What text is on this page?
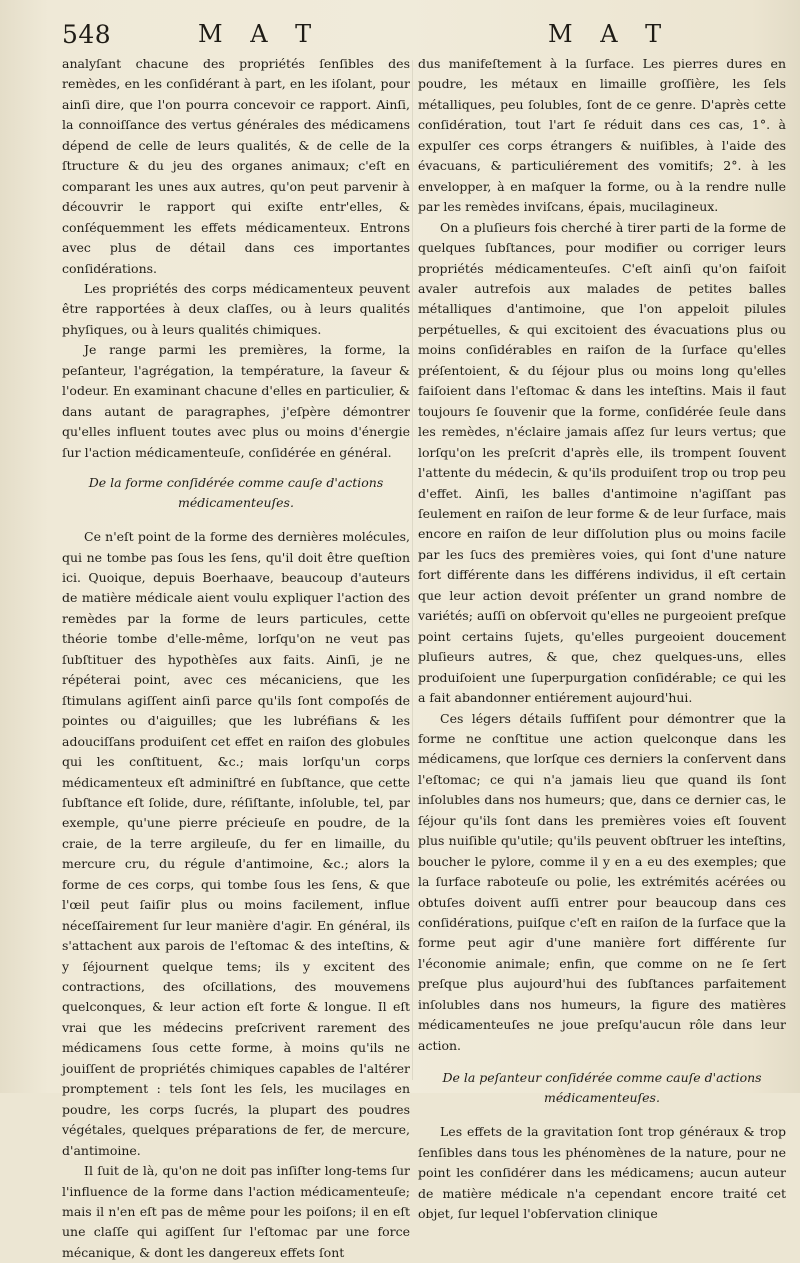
548	M A T	M A T

analyſant chacune des propriétés ſenſibles des remèdes, en les conſidérant à part, en les iſolant, pour ainſi dire, que l'on pourra concevoir ce rapport. Ainſi, la connoiſſance des vertus générales des médicamens dépend de celle de leurs qualités, & de celle de la ſtructure & du jeu des organes animaux; c'eſt en comparant les unes aux autres, qu'on peut parvenir à découvrir le rapport qui exiſte entr'elles, & conſéquemment les effets médicamenteux. Entrons avec plus de détail dans ces importantes conſidérations.

Les propriétés des corps médicamenteux peuvent être rapportées à deux claſſes, ou à leurs qualités phyſiques, ou à leurs qualités chimiques.

Je range parmi les premières, la forme, la peſanteur, l'agrégation, la température, la ſaveur & l'odeur. En examinant chacune d'elles en particulier, & dans autant de paragraphes, j'eſpère démontrer qu'elles influent toutes avec plus ou moins d'énergie ſur l'action médicamenteuſe, conſidérée en général.

De la forme conſidérée comme cauſe d'actions médicamenteuſes.

Ce n'eſt point de la forme des dernières molécules, qui ne tombe pas ſous les ſens, qu'il doit être queſtion ici. Quoique, depuis Boerhaave, beaucoup d'auteurs de matière médicale aient voulu expliquer l'action des remèdes par la forme de leurs particules, cette théorie tombe d'elle-même, lorſqu'on ne veut pas ſubſtituer des hypothèſes aux faits. Ainſi, je ne répéterai point, avec ces mécaniciens, que les ſtimulans agiſſent ainſi parce qu'ils ſont compoſés de pointes ou d'aiguilles; que les lubréfians & les adouciſſans produiſent cet effet en raiſon des globules qui les conſtituent, &c.; mais lorſqu'un corps médicamenteux eſt adminiſtré en ſubſtance, que cette ſubſtance eſt ſolide, dure, réſiſtante, inſoluble, tel, par exemple, qu'une pierre précieuſe en poudre, de la craie, de la terre argileuſe, du fer en limaille, du mercure cru, du régule d'antimoine, &c.; alors la forme de ces corps, qui tombe ſous les ſens, & que l'œil peut ſaiſir plus ou moins facilement, influe néceſſairement ſur leur manière d'agir. En général, ils s'attachent aux parois de l'eſtomac & des inteſtins, & y ſéjournent quelque tems; ils y excitent des contractions, des oſcillations, des mouvemens quelconques, & leur action eſt forte & longue. Il eſt vrai que les médecins preſcrivent rarement des médicamens ſous cette forme, à moins qu'ils ne jouiſſent de propriétés chimiques capables de l'altérer promptement : tels ſont les ſels, les mucilages en poudre, les corps ſucrés, la plupart des poudres végétales, quelques préparations de fer, de mercure, d'antimoine.

Il ſuit de là, qu'on ne doit pas inſiſter long-tems ſur l'influence de la forme dans l'action médicamenteuſe; mais il n'en eſt pas de même pour les poiſons; il en eſt une claſſe qui agiſſent ſur l'eſtomac par une force mécanique, & dont les dangereux effets ſont

dus manifeſtement à la ſurface. Les pierres dures en poudre, les métaux en limaille groſſière, les ſels métalliques, peu ſolubles, ſont de ce genre. D'après cette conſidération, tout l'art ſe réduit dans ces cas, 1°. à expulſer ces corps étrangers & nuiſibles, à l'aide des évacuans, & particuliérement des vomitifs; 2°. à les envelopper, à en maſquer la forme, ou à la rendre nulle par les remèdes inviſcans, épais, mucilagineux.

On a pluſieurs fois cherché à tirer parti de la forme de quelques ſubſtances, pour modifier ou corriger leurs propriétés médicamenteuſes. C'eſt ainſi qu'on faiſoit avaler autrefois aux malades de petites balles métalliques d'antimoine, que l'on appeloit pilules perpétuelles, & qui excitoient des évacuations plus ou moins conſidérables en raiſon de la ſurface qu'elles préſentoient, & du ſéjour plus ou moins long qu'elles faiſoient dans l'eſtomac & dans les inteſtins. Mais il faut toujours ſe ſouvenir que la forme, conſidérée ſeule dans les remèdes, n'éclaire jamais aſſez ſur leurs vertus; que lorſqu'on les preſcrit d'après elle, ils trompent ſouvent l'attente du médecin, & qu'ils produiſent trop ou trop peu d'effet. Ainſi, les balles d'antimoine n'agiſſant pas ſeulement en raiſon de leur forme & de leur ſurface, mais encore en raiſon de leur diſſolution plus ou moins facile par les ſucs des premières voies, qui ſont d'une nature fort différente dans les différens individus, il eſt certain que leur action devoit préſenter un grand nombre de variétés; auſſi on obſervoit qu'elles ne purgeoient preſque point certains ſujets, qu'elles purgeoient doucement pluſieurs autres, & que, chez quelques-uns, elles produiſoient une ſuperpurgation conſidérable; ce qui les a fait abandonner entiérement aujourd'hui.

Ces légers détails ſuffiſent pour démontrer que la forme ne conſtitue une action quelconque dans les médicamens, que lorſque ces derniers la conſervent dans l'eſtomac; ce qui n'a jamais lieu que quand ils ſont inſolubles dans nos humeurs; que, dans ce dernier cas, le ſéjour qu'ils ſont dans les premières voies eſt ſouvent plus nuiſible qu'utile; qu'ils peuvent obſtruer les inteſtins, boucher le pylore, comme il y en a eu des exemples; que la ſurface raboteuſe ou polie, les extrémités acérées ou obtuſes doivent auſſi entrer pour beaucoup dans ces conſidérations, puiſque c'eſt en raiſon de la ſurface que la forme peut agir d'une manière fort différente ſur l'économie animale; enfin, que comme on ne ſe ſert preſque plus aujourd'hui des ſubſtances parfaitement inſolubles dans nos humeurs, la figure des matières médicamenteuſes ne joue preſqu'aucun rôle dans leur action.

De la peſanteur conſidérée comme cauſe d'actions médicamenteuſes.

Les effets de la gravitation ſont trop généraux & trop ſenſibles dans tous les phénomènes de la nature, pour ne point les conſidérer dans les médicamens; aucun auteur de matière médicale n'a cependant encore traité cet objet, ſur lequel l'obſervation clinique
